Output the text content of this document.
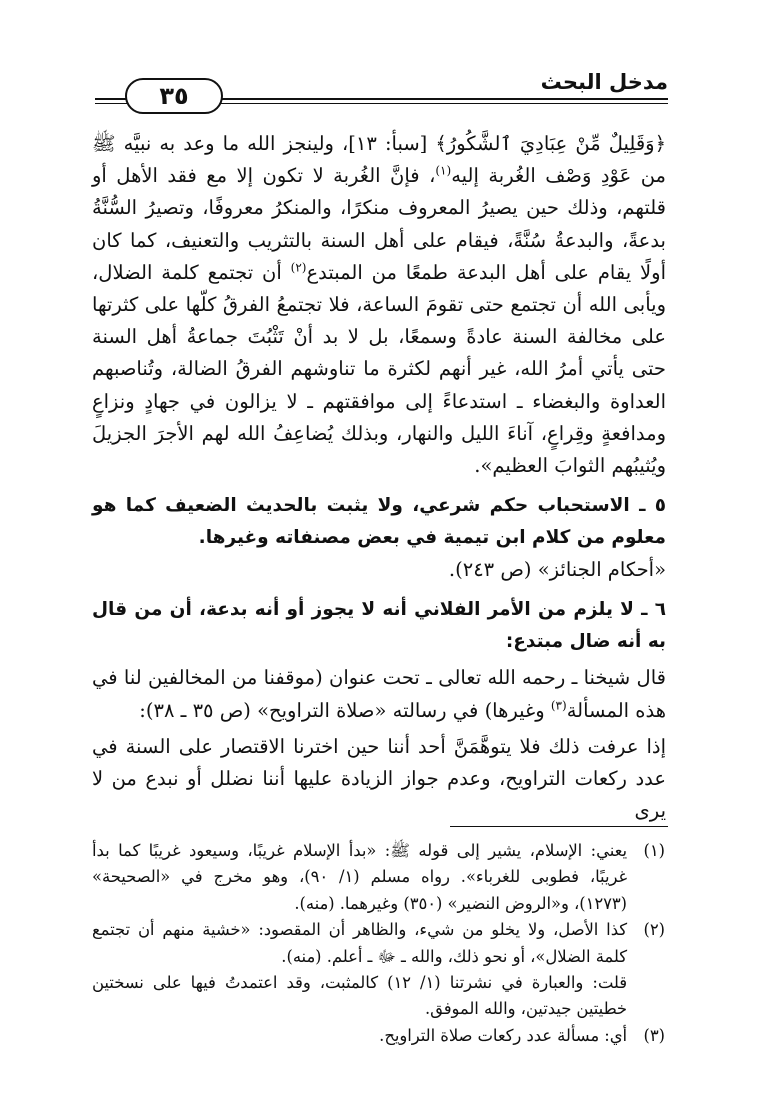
مدخل البحث
٣٥

﴿وَقَلِيلٌ مِّنْ عِبَادِيَ ٱلشَّكُورُ﴾ [سبأ: ١٣]، ولينجز الله ما وعد به نبيَّه ﷺ من عَوْدِ وَصْف الغُربة إليه$^{(١)}$، فإنَّ الغُربة لا تكون إلا مع فقد الأهل أو قلتهم، وذلك حين يصيرُ المعروف منكرًا، والمنكرُ معروفًا، وتصيرُ السُّنَّةُ بدعةً، والبدعةُ سُنَّةً، فيقام على أهل السنة بالتثريب والتعنيف، كما كان أولًا يقام على أهل البدعة طمعًا من المبتدع$^{(٢)}$ أن تجتمع كلمة الضلال، ويأبى الله أن تجتمع حتى تقومَ الساعة، فلا تجتمعُ الفرقُ كلّها على كثرتها على مخالفة السنة عادةً وسمعًا، بل لا بد أنْ تَثْبُتَ جماعةُ أهل السنة حتى يأتي أمرُ الله، غير أنهم لكثرة ما تناوشهم الفرقُ الضالة، وتُناصبهم العداوة والبغضاء ـ استدعاءً إلى موافقتهم ـ لا يزالون في جهادٍ ونزاعٍ ومدافعةٍ وقِراعٍ، آناءَ الليل والنهار، وبذلك يُضاعِفُ الله لهم الأجرَ الجزيلَ ويُثيبُهم الثوابَ العظيم».

٥ ـ الاستحباب حكم شرعي، ولا يثبت بالحديث الضعيف كما هو معلوم من كلام ابن تيمية في بعض مصنفاته وغيرها.

«أحكام الجنائز» (ص ٢٤٣).

٦ ـ لا يلزم من الأمر الفلاني أنه لا يجوز أو أنه بدعة، أن من قال به أنه ضال مبتدع:

قال شيخنا ـ رحمه الله تعالى ـ تحت عنوان (موقفنا من المخالفين لنا في هذه المسألة$^{(٣)}$ وغيرها) في رسالته «صلاة التراويح» (ص ٣٥ ـ ٣٨):

إذا عرفت ذلك فلا يتوهَّمَنَّ أحد أننا حين اخترنا الاقتصار على السنة في عدد ركعات التراويح، وعدم جواز الزيادة عليها أننا نضلل أو نبدع من لا يرى

(١)
يعني: الإسلام، يشير إلى قوله ﷺ: «بدأ الإسلام غريبًا، وسيعود غريبًا كما بدأ غريبًا، فطوبى للغرباء». رواه مسلم (١/ ٩٠)، وهو مخرج في «الصحيحة» (١٢٧٣)، و«الروض النضير» (٣٥٠) وغيرهما. (منه).
(٢)
كذا الأصل، ولا يخلو من شيء، والظاهر أن المقصود: «خشية منهم أن تجتمع كلمة الضلال»، أو نحو ذلك، والله ـ ﷻ ـ أعلم. (منه).

قلت: والعبارة في نشرتنا (١/ ١٢) كالمثبت، وقد اعتمدتُ فيها على نسختين خطيتين جيدتين، والله الموفق.

(٣)
أي: مسألة عدد ركعات صلاة التراويح.
